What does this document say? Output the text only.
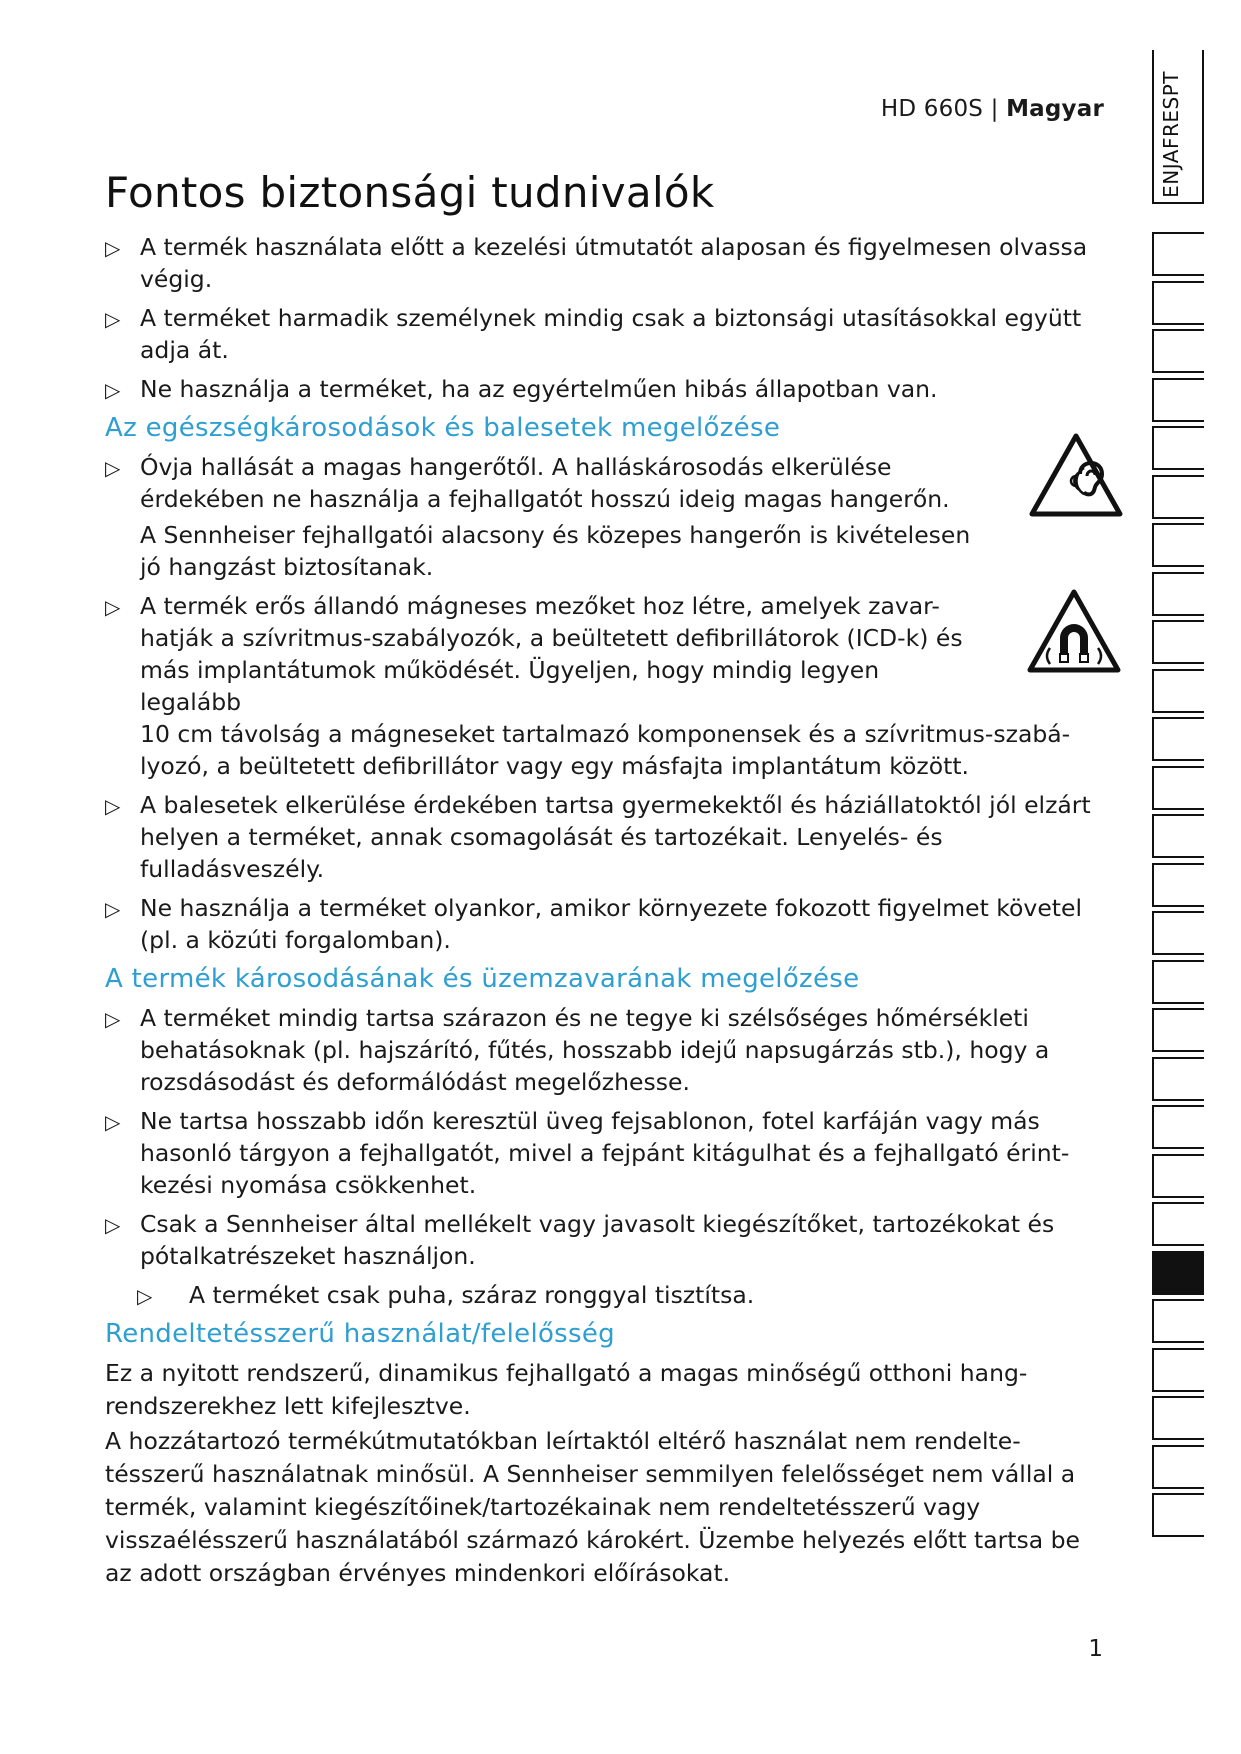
HD 660S | Magyar
Fontos biztonsági tudnivalók
▷ A termék használata előtt a kezelési útmutatót alaposan és figyelmesen olvassa végig.
▷ A terméket harmadik személynek mindig csak a biztonsági utasításokkal együtt adja át.
▷ Ne használja a terméket, ha az egyértelműen hibás állapotban van.
Az egészségkárosodások és balesetek megelőzése
▷ Óvja hallását a magas hangerőtől. A halláskárosodás elkerülése érdekében ne használja a fejhallgatót hosszú ideig magas hangerőn.
A Sennheiser fejhallgatói alacsony és közepes hangerőn is kivételesen jó hangzást biztosítanak.
▷ A termék erős állandó mágneses mezőket hoz létre, amelyek zavar- hatják a szívritmus-szabályozók, a beültetett defibrillátorok (ICD-k) és más implantátumok működését. Ügyeljen, hogy mindig legyen legalább
10 cm távolság a mágneseket tartalmazó komponensek és a szívritmus-szabá- lyozó, a beültetett defibrillátor vagy egy másfajta implantátum között.
▷ A balesetek elkerülése érdekében tartsa gyermekektől és háziállatoktól jól elzárt helyen a terméket, annak csomagolását és tartozékait. Lenyelés- és fulladásveszély.
▷ Ne használja a terméket olyankor, amikor környezete fokozott figyelmet követel (pl. a közúti forgalomban).
A termék károsodásának és üzemzavarának megelőzése
▷ A terméket mindig tartsa szárazon és ne tegye ki szélsőséges hőmérsékleti behatásoknak (pl. hajszárító, fűtés, hosszabb idejű napsugárzás stb.), hogy a rozsdásodást és deformálódást megelőzhesse.
▷ Ne tartsa hosszabb időn keresztül üveg fejsablonon, fotel karfáján vagy más hasonló tárgyon a fejhallgatót, mivel a fejpánt kitágulhat és a fejhallgató érint- kezési nyomása csökkenhet.
▷ Csak a Sennheiser által mellékelt vagy javasolt kiegészítőket, tartozékokat és pótalkatrészeket használjon.
▷ A terméket csak puha, száraz ronggyal tisztítsa.
Rendeltetésszerű használat/felelősség
Ez a nyitott rendszerű, dinamikus fejhallgató a magas minőségű otthoni hang- rendszerekhez lett kifejlesztve.
A hozzátartozó termékútmutatókban leírtaktól eltérő használat nem rendelte- tésszerű használatnak minősül. A Sennheiser semmilyen felelősséget nem vállal a termék, valamint kiegészítőinek/tartozékainak nem rendeltetésszerű vagy visszaélésszerű használatából származó károkért. Üzembe helyezés előtt tartsa be az adott országban érvényes mindenkori előírásokat.
1
ENJAFRESPT
